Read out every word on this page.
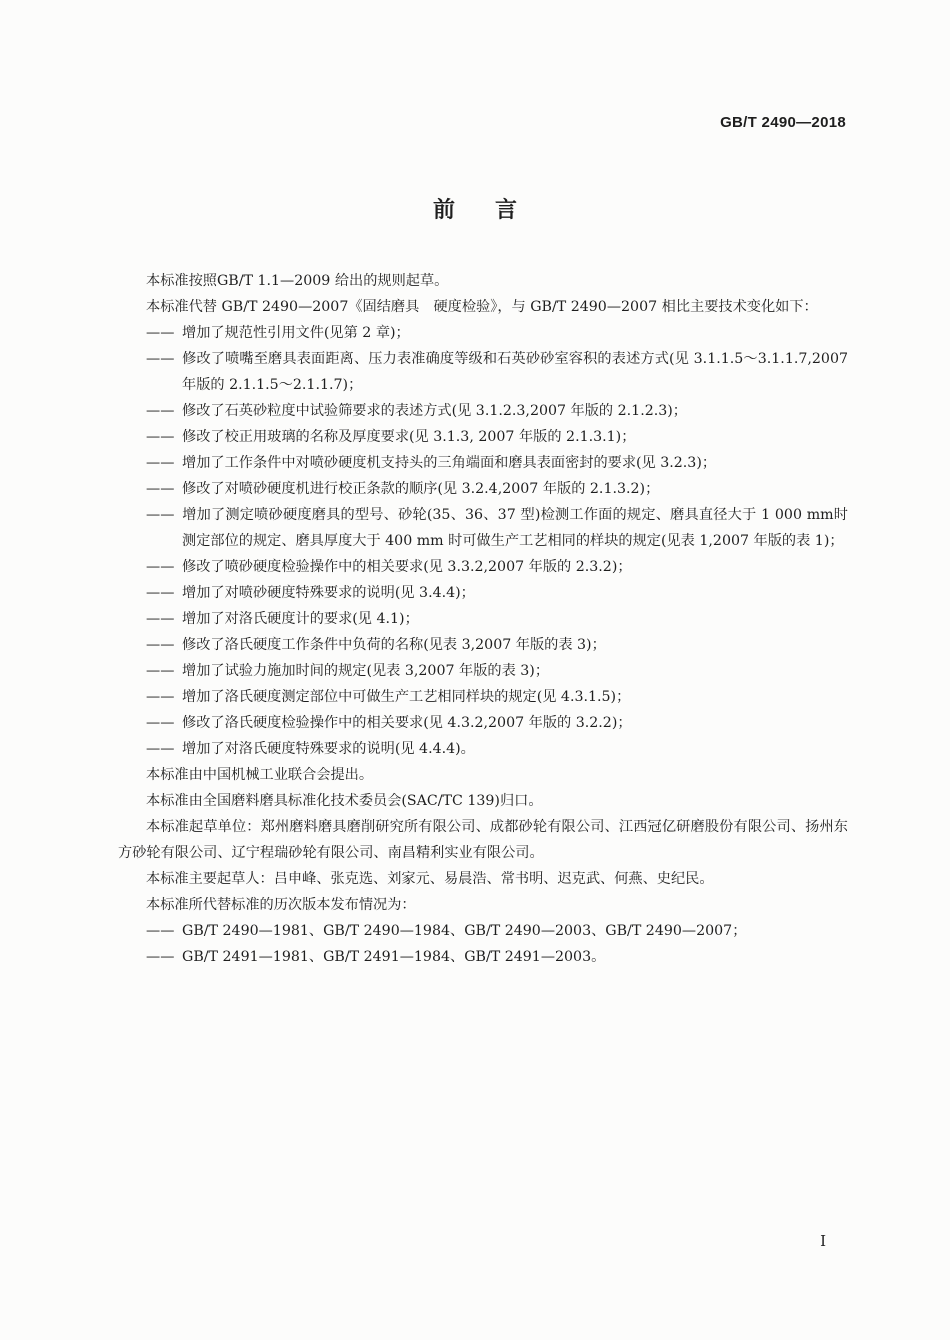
GB/T 2490—2018
前言

本标准按照GB/T 1.1—2009 给出的规则起草。

本标准代替 GB/T 2490—2007《固结磨具　硬度检验》，与 GB/T 2490—2007 相比主要技术变化如下：

—— 增加了规范性引用文件(见第 2 章)；

—— 修改了喷嘴至磨具表面距离、压力表准确度等级和石英砂砂室容积的表述方式(见 3.1.1.5～3.1.1.7,2007 年版的 2.1.1.5～2.1.1.7)；

—— 修改了石英砂粒度中试验筛要求的表述方式(见 3.1.2.3,2007 年版的 2.1.2.3)；

—— 修改了校正用玻璃的名称及厚度要求(见 3.1.3, 2007 年版的 2.1.3.1)；

—— 增加了工作条件中对喷砂硬度机支持头的三角端面和磨具表面密封的要求(见 3.2.3)；

—— 修改了对喷砂硬度机进行校正条款的顺序(见 3.2.4,2007 年版的 2.1.3.2)；

—— 增加了测定喷砂硬度磨具的型号、砂轮(35、36、37 型)检测工作面的规定、磨具直径大于 1 000 mm时测定部位的规定、磨具厚度大于 400 mm 时可做生产工艺相同的样块的规定(见表 1,2007 年版的表 1)；

—— 修改了喷砂硬度检验操作中的相关要求(见 3.3.2,2007 年版的 2.3.2)；

—— 增加了对喷砂硬度特殊要求的说明(见 3.4.4)；

—— 增加了对洛氏硬度计的要求(见 4.1)；

—— 修改了洛氏硬度工作条件中负荷的名称(见表 3,2007 年版的表 3)；

—— 增加了试验力施加时间的规定(见表 3,2007 年版的表 3)；

—— 增加了洛氏硬度测定部位中可做生产工艺相同样块的规定(见 4.3.1.5)；

—— 修改了洛氏硬度检验操作中的相关要求(见 4.3.2,2007 年版的 3.2.2)；

—— 增加了对洛氏硬度特殊要求的说明(见 4.4.4)。

本标准由中国机械工业联合会提出。

本标准由全国磨料磨具标准化技术委员会(SAC/TC 139)归口。

本标准起草单位：郑州磨料磨具磨削研究所有限公司、成都砂轮有限公司、江西冠亿研磨股份有限公司、扬州东方砂轮有限公司、辽宁程瑞砂轮有限公司、南昌精利实业有限公司。

本标准主要起草人：吕申峰、张克选、刘家元、易晨浩、常书明、迟克武、何燕、史纪民。

本标准所代替标准的历次版本发布情况为：

—— GB/T 2490—1981、GB/T 2490—1984、GB/T 2490—2003、GB/T 2490—2007；

—— GB/T 2491—1981、GB/T 2491—1984、GB/T 2491—2003。

I
